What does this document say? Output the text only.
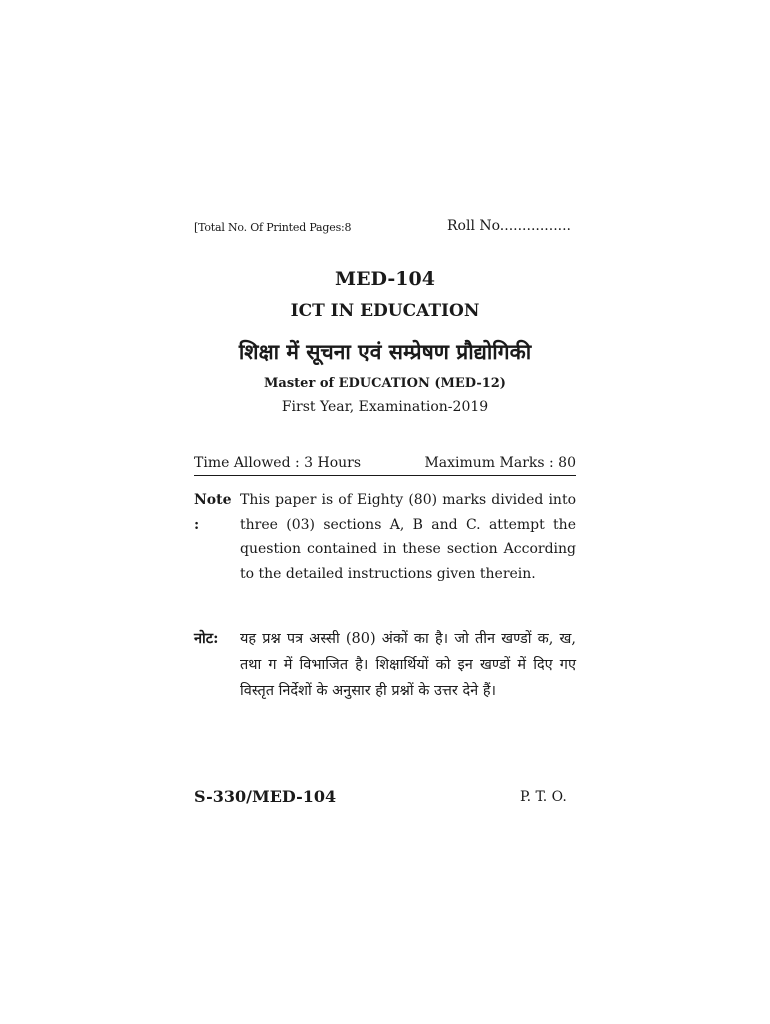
[Total No. Of Printed Pages:8	Roll No................
MED-104
ICT IN EDUCATION
शिक्षा में सूचना एवं सम्प्रेषण प्रौद्योगिकी
Master of EDUCATION (MED-12)
First Year, Examination-2019
Time Allowed : 3 Hours	Maximum Marks : 80
Note :
This paper is of Eighty (80) marks divided into three (03) sections A, B and C. attempt the question contained in these section According to the detailed instructions given therein.
नोट:	यह प्रश्न पत्र अस्सी (80) अंकों का है। जो तीन खण्डों क, ख, तथा ग में विभाजित है। शिक्षार्थियों को इन खण्डों में दिए गए विस्तृत निर्देशों के अनुसार ही प्रश्नों के उत्तर देने हैं।
S-330/MED-104	P. T. O.
